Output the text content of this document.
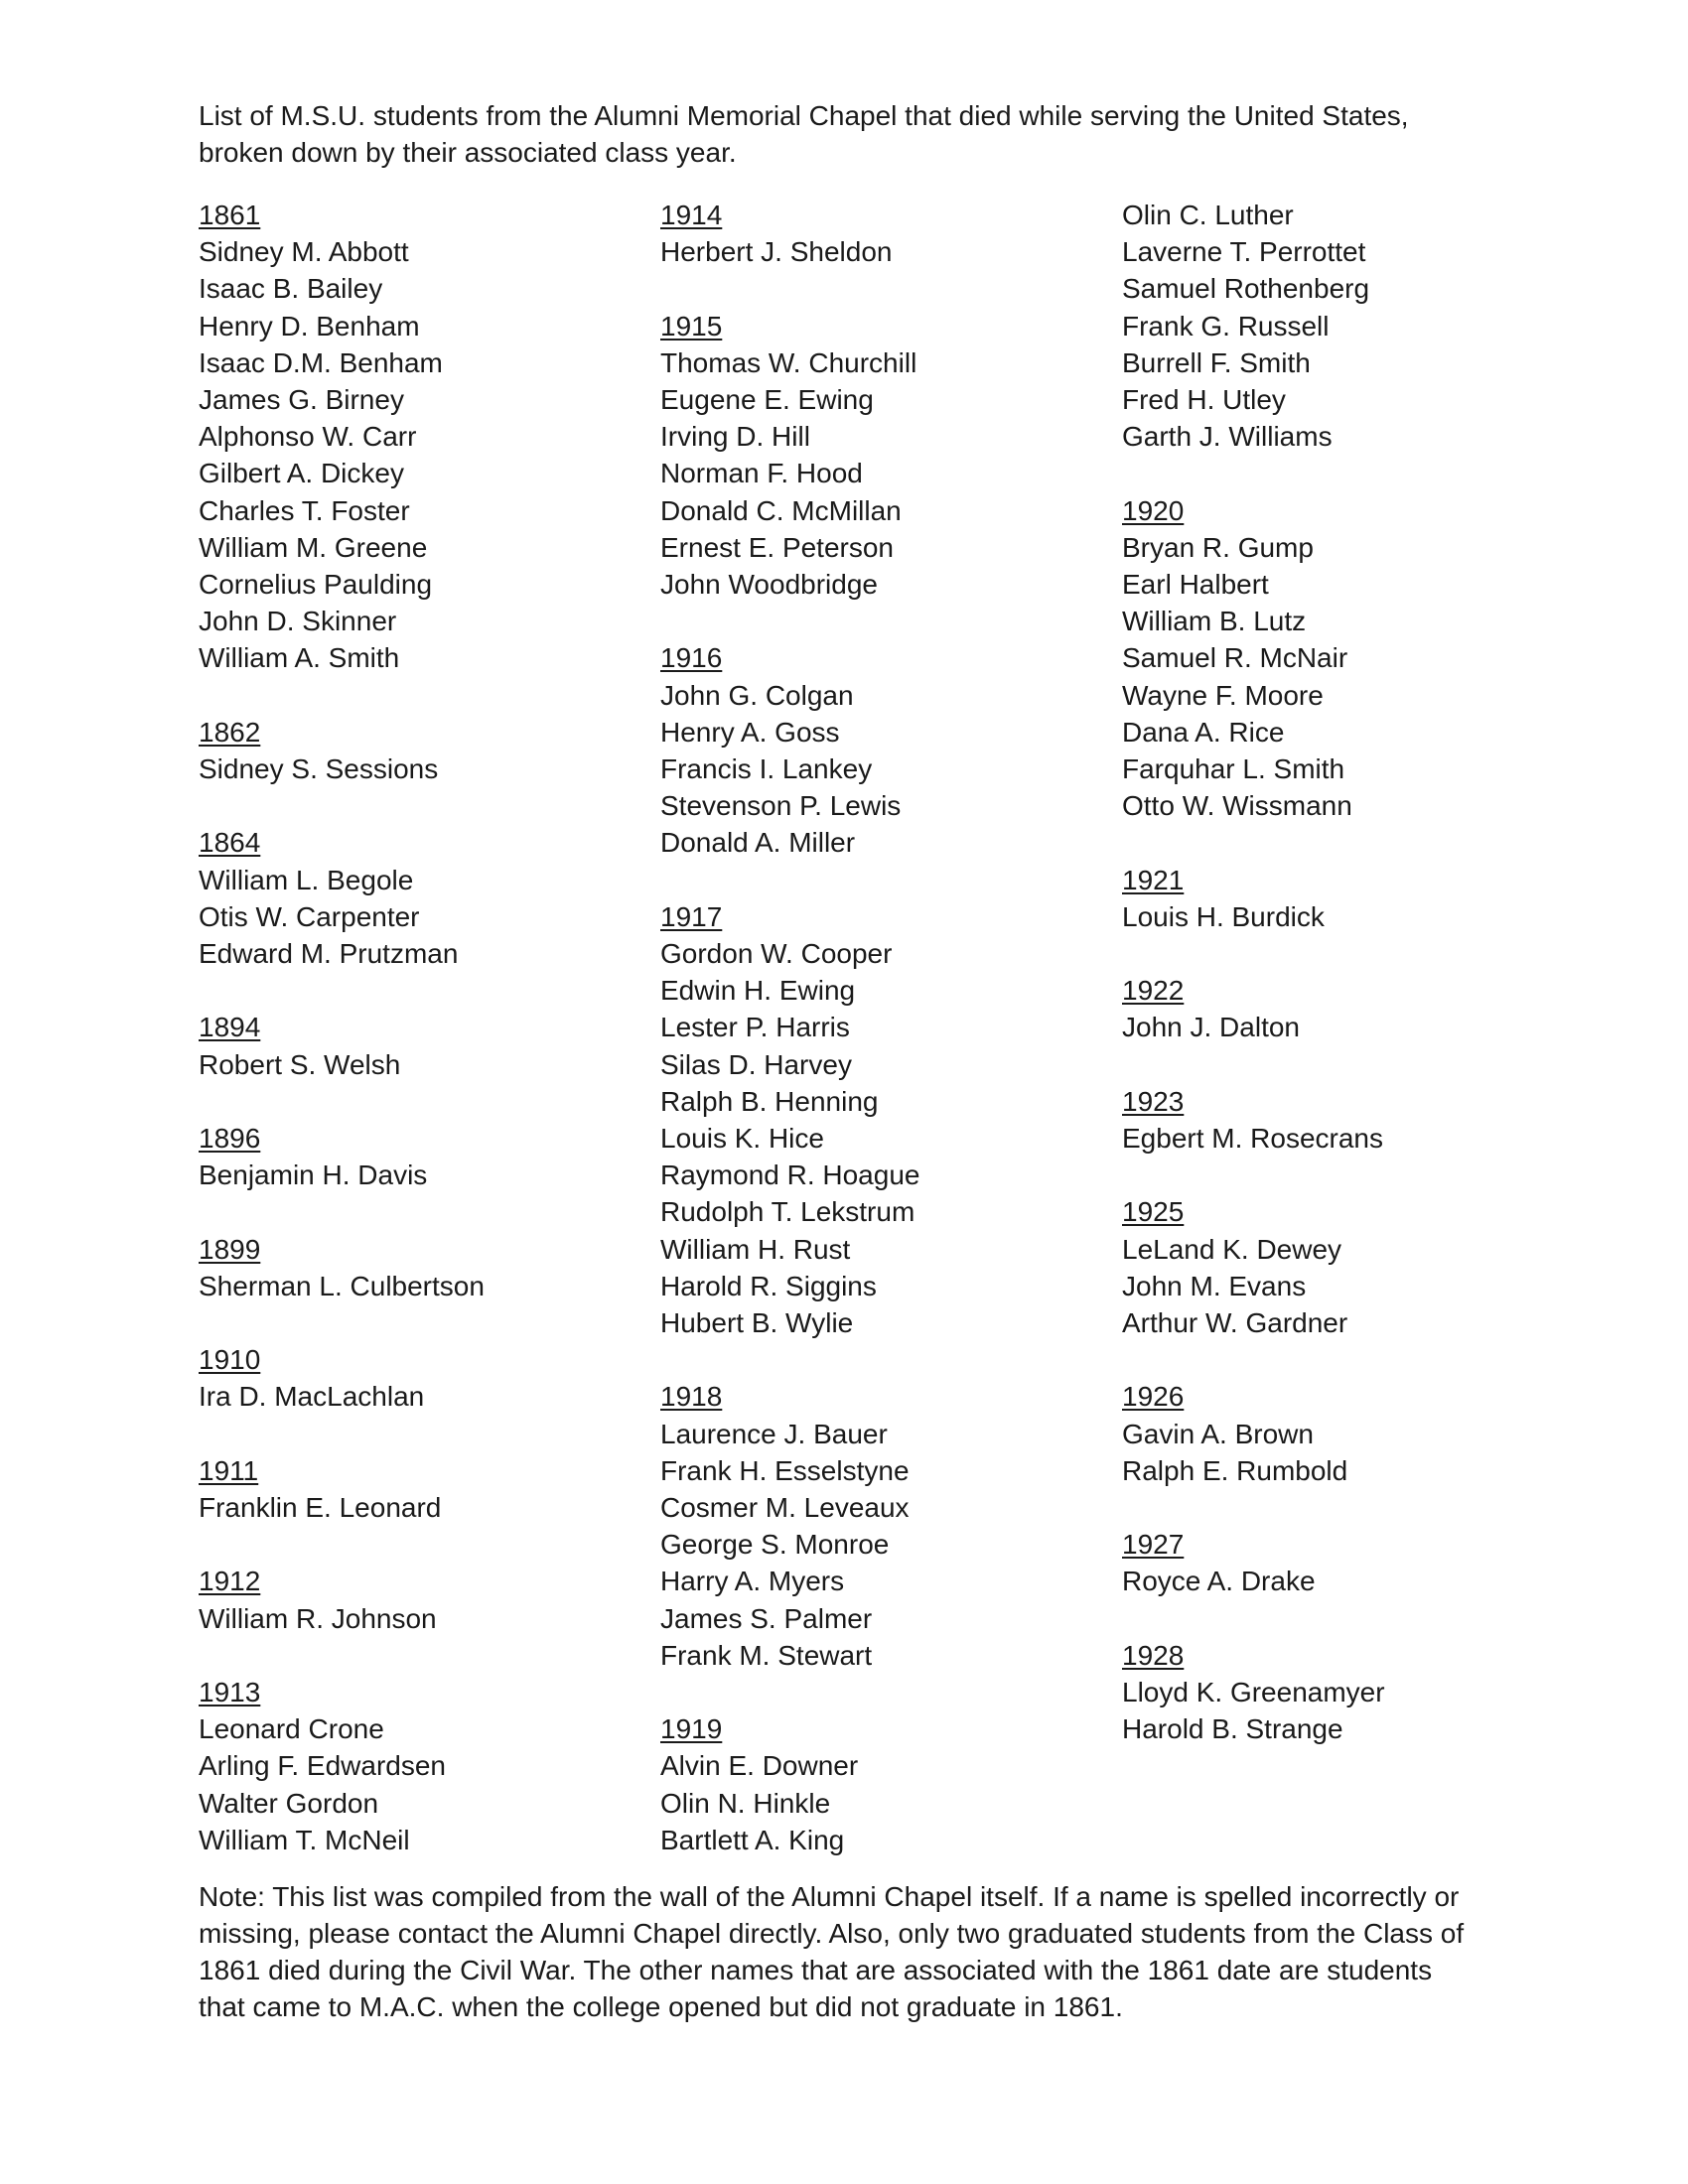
List of M.S.U. students from the Alumni Memorial Chapel that died while serving the United States,

broken down by their associated class year.

1861
Sidney M. Abbott
Isaac B. Bailey
Henry D. Benham
Isaac D.M. Benham
James G. Birney
Alphonso W. Carr
Gilbert A. Dickey
Charles T. Foster
William M. Greene
Cornelius Paulding
John D. Skinner
William A. Smith
1862
Sidney S. Sessions
1864
William L. Begole
Otis W. Carpenter
Edward M. Prutzman
1894
Robert S. Welsh
1896
Benjamin H. Davis
1899
Sherman L. Culbertson
1910
Ira D. MacLachlan
1911
Franklin E. Leonard
1912
William R. Johnson
1913
Leonard Crone
Arling F. Edwardsen
Walter Gordon
William T. McNeil
1914
Herbert J. Sheldon
1915
Thomas W. Churchill
Eugene E. Ewing
Irving D. Hill
Norman F. Hood
Donald C. McMillan
Ernest E. Peterson
John Woodbridge
1916
John G. Colgan
Henry A. Goss
Francis I. Lankey
Stevenson P. Lewis
Donald A. Miller
1917
Gordon W. Cooper
Edwin H. Ewing
Lester P. Harris
Silas D. Harvey
Ralph B. Henning
Louis K. Hice
Raymond R. Hoague
Rudolph T. Lekstrum
William H. Rust
Harold R. Siggins
Hubert B. Wylie
1918
Laurence J. Bauer
Frank H. Esselstyne
Cosmer M. Leveaux
George S. Monroe
Harry A. Myers
James S. Palmer
Frank M. Stewart
1919
Alvin E. Downer
Olin N. Hinkle
Bartlett A. King
Olin C. Luther
Laverne T. Perrottet
Samuel Rothenberg
Frank G. Russell
Burrell F. Smith
Fred H. Utley
Garth J. Williams
1920
Bryan R. Gump
Earl Halbert
William B. Lutz
Samuel R. McNair
Wayne F. Moore
Dana A. Rice
Farquhar L. Smith
Otto W. Wissmann
1921
Louis H. Burdick
1922
John J. Dalton
1923
Egbert M. Rosecrans
1925
LeLand K. Dewey
John M. Evans
Arthur W. Gardner
1926
Gavin A. Brown
Ralph E. Rumbold
1927
Royce A. Drake
1928
Lloyd K. Greenamyer
Harold B. Strange

Note: This list was compiled from the wall of the Alumni Chapel itself. If a name is spelled incorrectly or

missing, please contact the Alumni Chapel directly. Also, only two graduated students from the Class of

1861 died during the Civil War. The other names that are associated with the 1861 date are students

that came to M.A.C. when the college opened but did not graduate in 1861.
